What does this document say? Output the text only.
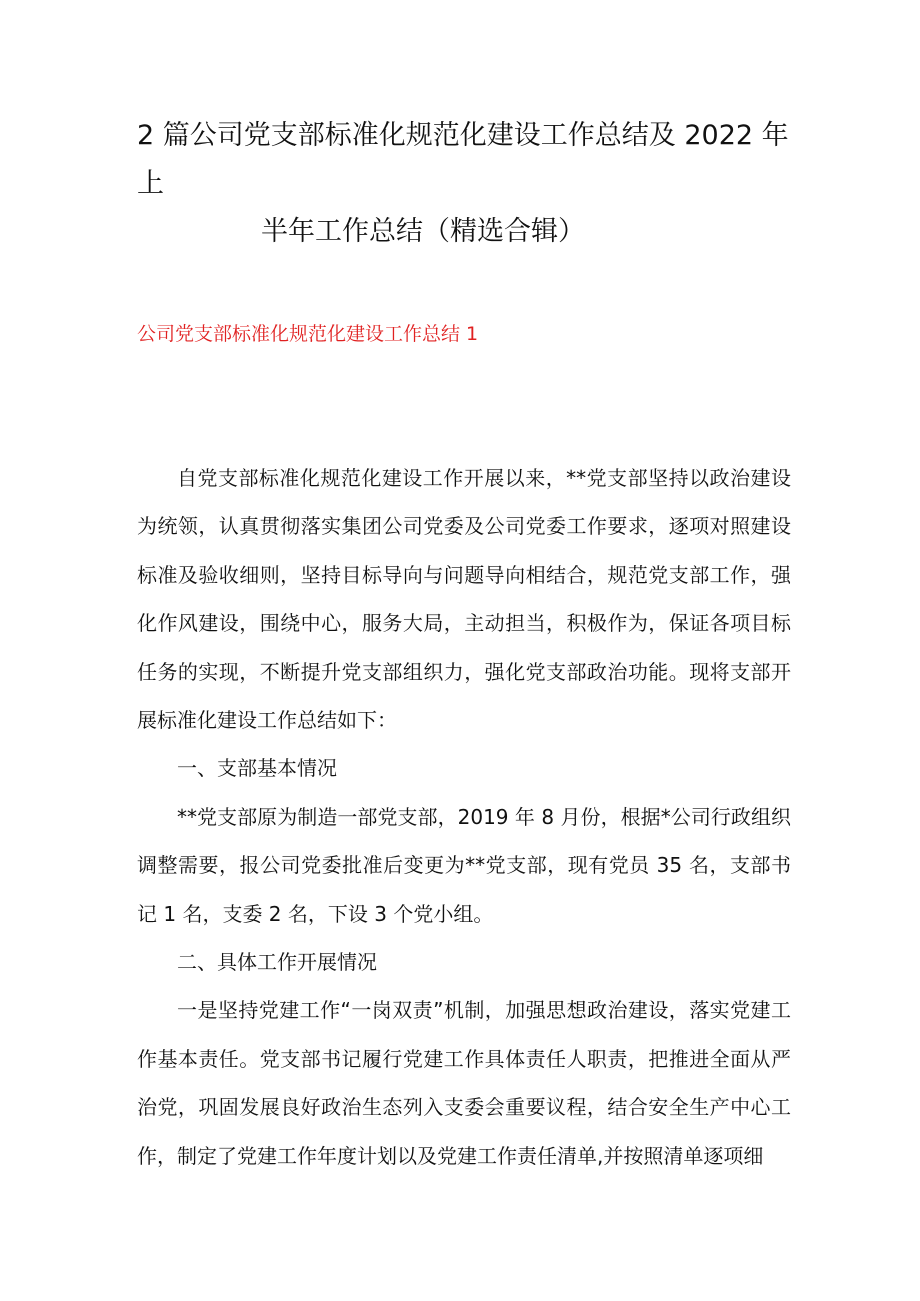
2 篇公司党支部标准化规范化建设工作总结及 2022 年上
半年工作总结（精选合辑）
公司党支部标准化规范化建设工作总结 1

自党支部标准化规范化建设工作开展以来，**党支部坚持以政治建设为统领，认真贯彻落实集团公司党委及公司党委工作要求，逐项对照建设标准及验收细则，坚持目标导向与问题导向相结合，规范党支部工作，强化作风建设，围绕中心，服务大局，主动担当，积极作为，保证各项目标任务的实现，不断提升党支部组织力，强化党支部政治功能。现将支部开展标准化建设工作总结如下：

一、支部基本情况

**党支部原为制造一部党支部，2019 年 8 月份，根据*公司行政组织调整需要，报公司党委批准后变更为**党支部，现有党员 35 名，支部书记 1 名，支委 2 名，下设 3 个党小组。

二、具体工作开展情况

一是坚持党建工作“一岗双责”机制，加强思想政治建设，落实党建工作基本责任。党支部书记履行党建工作具体责任人职责，把推进全面从严治党，巩固发展良好政治生态列入支委会重要议程，结合安全生产中心工作，制定了党建工作年度计划以及党建工作责任清单,并按照清单逐项细
